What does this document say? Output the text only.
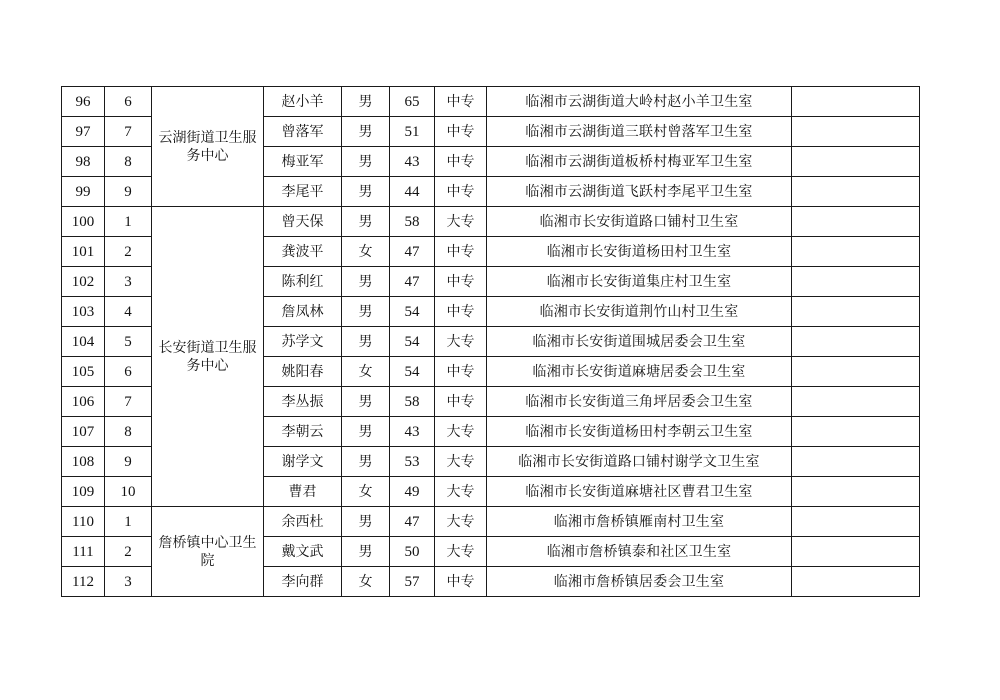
96	6	云湖街道卫生服务中心	赵小羊	男	65	中专	临湘市云湖街道大岭村赵小羊卫生室	
97	7		曾落军	男	51	中专	临湘市云湖街道三联村曾落军卫生室	
98	8		梅亚军	男	43	中专	临湘市云湖街道板桥村梅亚军卫生室	
99	9		李尾平	男	44	中专	临湘市云湖街道飞跃村李尾平卫生室	
100	1	长安街道卫生服务中心	曾天保	男	58	大专	临湘市长安街道路口铺村卫生室	
101	2		龚波平	女	47	中专	临湘市长安街道杨田村卫生室	
102	3		陈利红	男	47	中专	临湘市长安街道集庄村卫生室	
103	4		詹凤林	男	54	中专	临湘市长安街道荆竹山村卫生室	
104	5		苏学文	男	54	大专	临湘市长安街道围城居委会卫生室	
105	6		姚阳春	女	54	中专	临湘市长安街道麻塘居委会卫生室	
106	7		李丛振	男	58	中专	临湘市长安街道三角坪居委会卫生室	
107	8		李朝云	男	43	大专	临湘市长安街道杨田村李朝云卫生室	
108	9		谢学文	男	53	大专	临湘市长安街道路口铺村谢学文卫生室	
109	10		曹君	女	49	大专	临湘市长安街道麻塘社区曹君卫生室	
110	1	詹桥镇中心卫生院	余西杜	男	47	大专	临湘市詹桥镇雁南村卫生室	
111	2		戴文武	男	50	大专	临湘市詹桥镇泰和社区卫生室	
112	3		李向群	女	57	中专	临湘市詹桥镇居委会卫生室	
